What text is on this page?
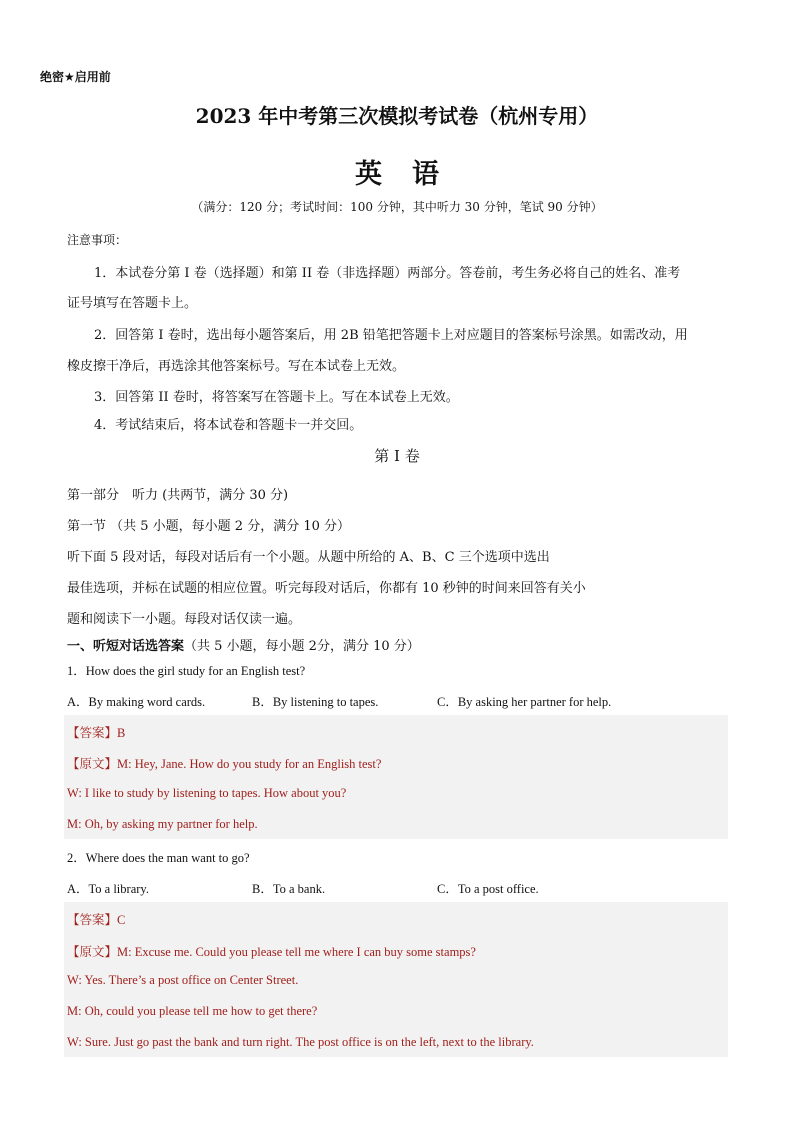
绝密★启用前
2023 年中考第三次模拟考试卷（杭州专用）
英语
（满分：120 分；考试时间：100 分钟，其中听力 30 分钟，笔试 90 分钟）
注意事项：
1．本试卷分第 I 卷（选择题）和第 II 卷（非选择题）两部分。答卷前，考生务必将自己的姓名、准考
证号填写在答题卡上。
2．回答第 I 卷时，选出每小题答案后，用 2B 铅笔把答题卡上对应题目的答案标号涂黑。如需改动，用
橡皮擦干净后，再选涂其他答案标号。写在本试卷上无效。
3．回答第 II 卷时，将答案写在答题卡上。写在本试卷上无效。
4．考试结束后，将本试卷和答题卡一并交回。
第 I 卷
第一部分　听力 (共两节，满分 30 分)
第一节 （共 5 小题，每小题 2 分，满分 10 分）
听下面 5 段对话，每段对话后有一个小题。从题中所给的 A、B、C 三个选项中选出
最佳选项，并标在试题的相应位置。听完每段对话后，你都有 10 秒钟的时间来回答有关小
题和阅读下一小题。每段对话仅读一遍。
一、听短对话选答案（共 5 小题，每小题 2分，满分 10 分）
1．How does the girl study for an English test?
A．By making word cards.	B．By listening to tapes.	C．By asking her partner for help.
【答案】B
【原文】M: Hey, Jane. How do you study for an English test?
W: I like to study by listening to tapes. How about you?
M: Oh, by asking my partner for help.
2．Where does the man want to go?
A．To a library.	B．To a bank.	C．To a post office.
【答案】C
【原文】M: Excuse me. Could you please tell me where I can buy some stamps?
W: Yes. There’s a post office on Center Street.
M: Oh, could you please tell me how to get there?
W: Sure. Just go past the bank and turn right. The post office is on the left, next to the library.
